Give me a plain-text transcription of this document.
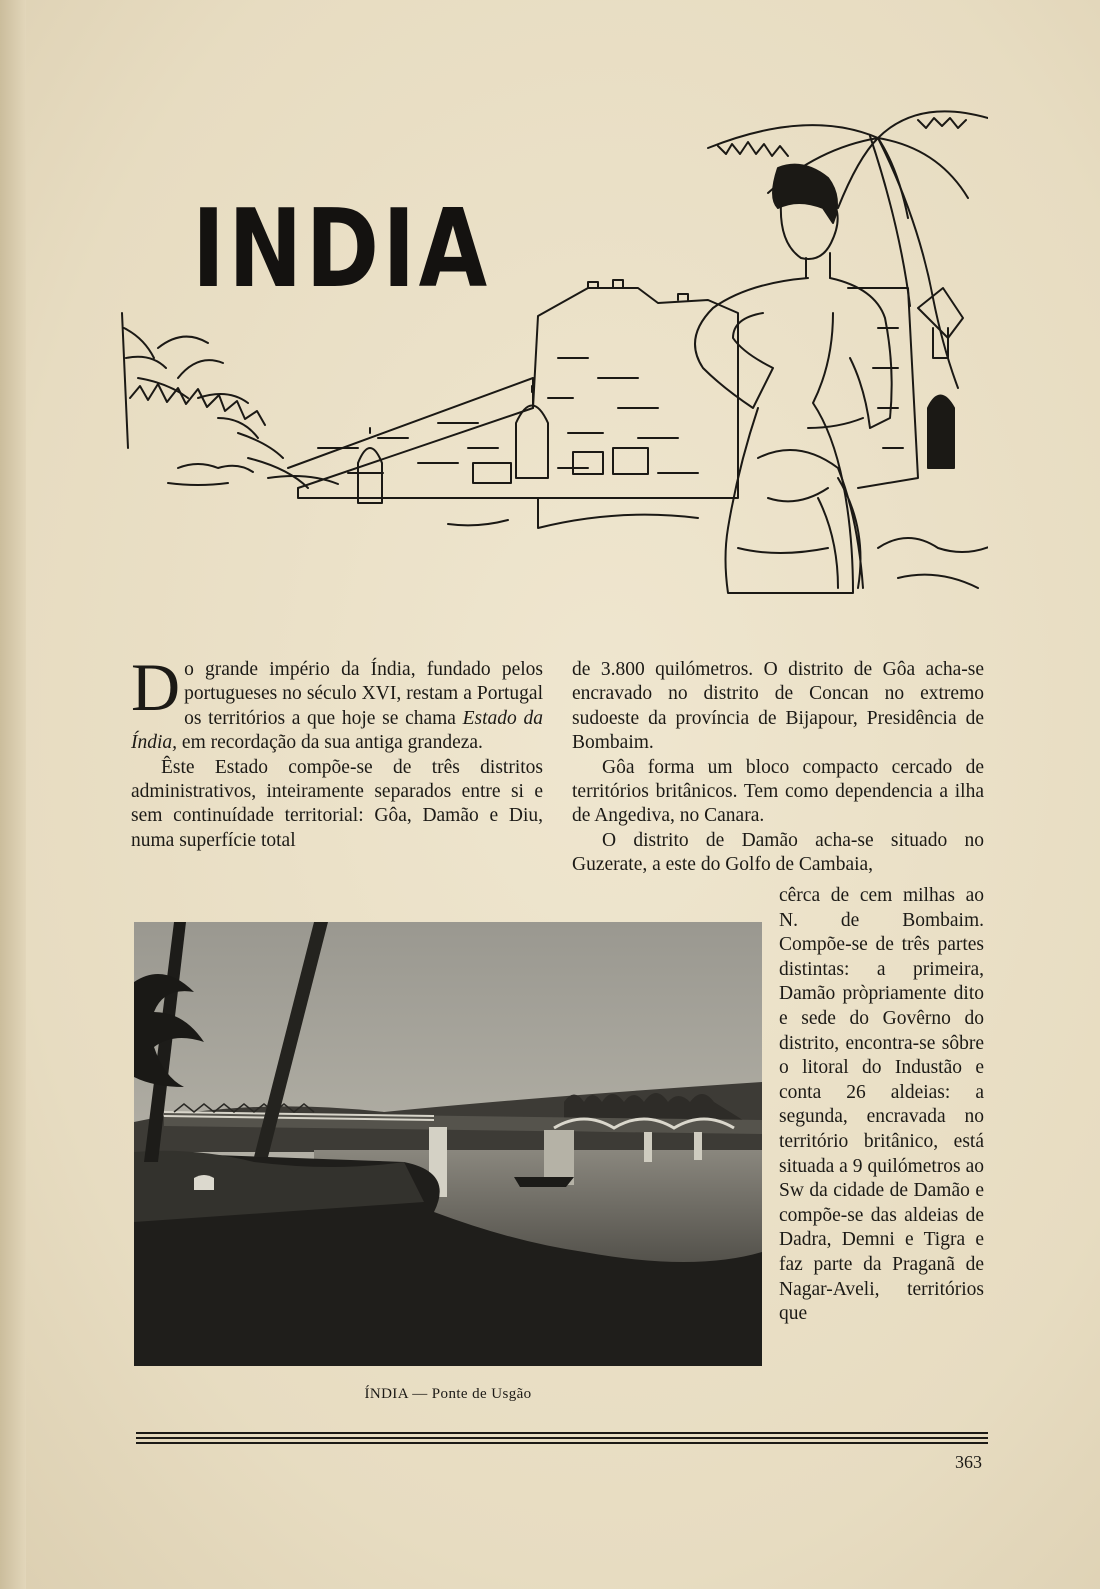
INDIA

Do grande império da Índia, fundado pelos portugueses no século XVI, restam a Portugal os territórios a que hoje se chama Estado da Índia, em recordação da sua antiga grandeza.

Êste Estado compõe-se de três distritos administrativos, inteiramente separados entre si e sem continuídade territorial: Gôa, Damão e Diu, numa superfície total

de 3.800 quilómetros. O distrito de Gôa acha-se encravado no distrito de Concan no extremo sudoeste da província de Bijapour, Presidência de Bombaim.

Gôa forma um bloco compacto cercado de territórios britânicos. Tem como dependencia a ilha de Angediva, no Canara.

O distrito de Damão acha-se situado no Guzerate, a este do Golfo de Cambaia,

cêrca de cem milhas ao N. de Bombaim. Compõe-se de três partes distintas: a primeira, Damão pròpriamente dito e sede do Govêrno do distrito, encontra-se sôbre o litoral do Industão e conta 26 aldeias: a segunda, encravada no território britânico, está situada a 9 quilómetros ao Sw da cidade de Damão e compõe-se das aldeias de Dadra, Demni e Tigra e faz parte da Praganã de Nagar-Aveli, territórios que

ÍNDIA — Ponte de Usgão
363
